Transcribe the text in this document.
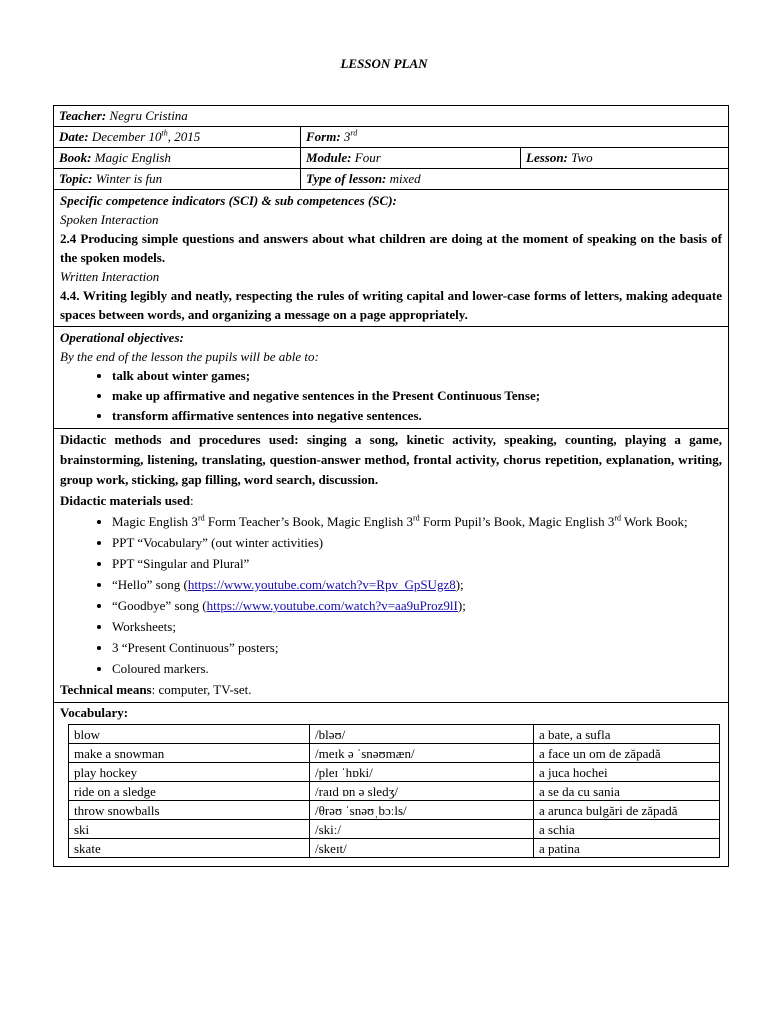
LESSON PLAN
Teacher: Negru Cristina
Date: December 10th, 2015	Form: 3rd
Book: Magic English	Module: Four	Lesson: Two
Topic: Winter is fun	Type of lesson: mixed
Specific competence indicators (SCI) & sub competences (SC):
Spoken Interaction
2.4 Producing simple questions and answers about what children are doing at the moment of speaking on the basis of the spoken models.
Written Interaction
4.4. Writing legibly and neatly, respecting the rules of writing capital and lower-case forms of letters, making adequate spaces between words, and organizing a message on a page appropriately.
Operational objectives:
By the end of the lesson the pupils will be able to:
• talk about winter games;
• make up affirmative and negative sentences in the Present Continuous Tense;
• transform affirmative sentences into negative sentences.
Didactic methods and procedures used: singing a song, kinetic activity, speaking, counting, playing a game, brainstorming, listening, translating, question-answer method, frontal activity, chorus repetition, explanation, writing, group work, sticking, gap filling, word search, discussion.
Didactic materials used:
• Magic English 3rd Form Teacher’s Book, Magic English 3rd Form Pupil’s Book, Magic English 3rd Work Book;
• PPT “Vocabulary” (out winter activities)
• PPT “Singular and Plural”
• “Hello” song (https://www.youtube.com/watch?v=Rpv_GpSUgz8);
• “Goodbye” song (https://www.youtube.com/watch?v=aa9uProz9lI);
• Worksheets;
• 3 “Present Continuous” posters;
• Coloured markers.
Technical means: computer, TV-set.
Vocabulary:
blow	/bləʊ/	a bate, a sufla
make a snowman	/meɪk ə ˈsnəʊmæn/	a face un om de zăpadă
play hockey	/pleɪ ˈhɒki/	a juca hochei
ride on a sledge	/raɪd ɒn ə sledʒ/	a se da cu sania
throw snowballs	/θrəʊ ˈsnəʊˌbɔːls/	a arunca bulgări de zăpadă
ski	/skiː/	a schia
skate	/skeɪt/	a patina
